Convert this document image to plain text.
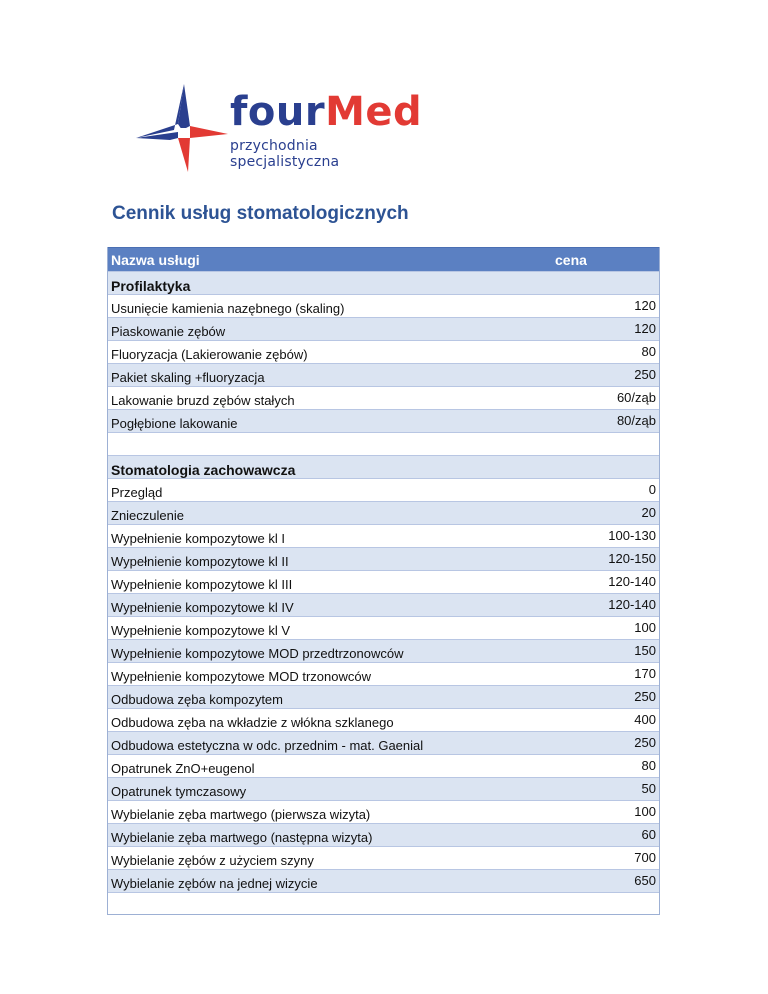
fourMed
przychodnia specjalistyczna
Cennik usług stomatologicznych
Nazwa usługi	cena
Profilaktyka
Usunięcie kamienia nazębnego (skaling)	120
Piaskowanie zębów	120
Fluoryzacja (Lakierowanie zębów)	80
Pakiet skaling +fluoryzacja	250
Lakowanie bruzd zębów stałych	60/ząb
Pogłębione lakowanie	80/ząb
Stomatologia zachowawcza
Przegląd	0
Znieczulenie	20
Wypełnienie kompozytowe kl I	100-130
Wypełnienie kompozytowe kl II	120-150
Wypełnienie kompozytowe kl III	120-140
Wypełnienie kompozytowe kl IV	120-140
Wypełnienie kompozytowe kl V	100
Wypełnienie kompozytowe MOD przedtrzonowców	150
Wypełnienie kompozytowe MOD trzonowców	170
Odbudowa zęba kompozytem	250
Odbudowa zęba na wkładzie z włókna szklanego	400
Odbudowa estetyczna w odc. przednim - mat. Gaenial	250
Opatrunek ZnO+eugenol	80
Opatrunek tymczasowy	50
Wybielanie zęba martwego (pierwsza wizyta)	100
Wybielanie zęba martwego (następna wizyta)	60
Wybielanie zębów z użyciem szyny	700
Wybielanie zębów na jednej wizycie	650
